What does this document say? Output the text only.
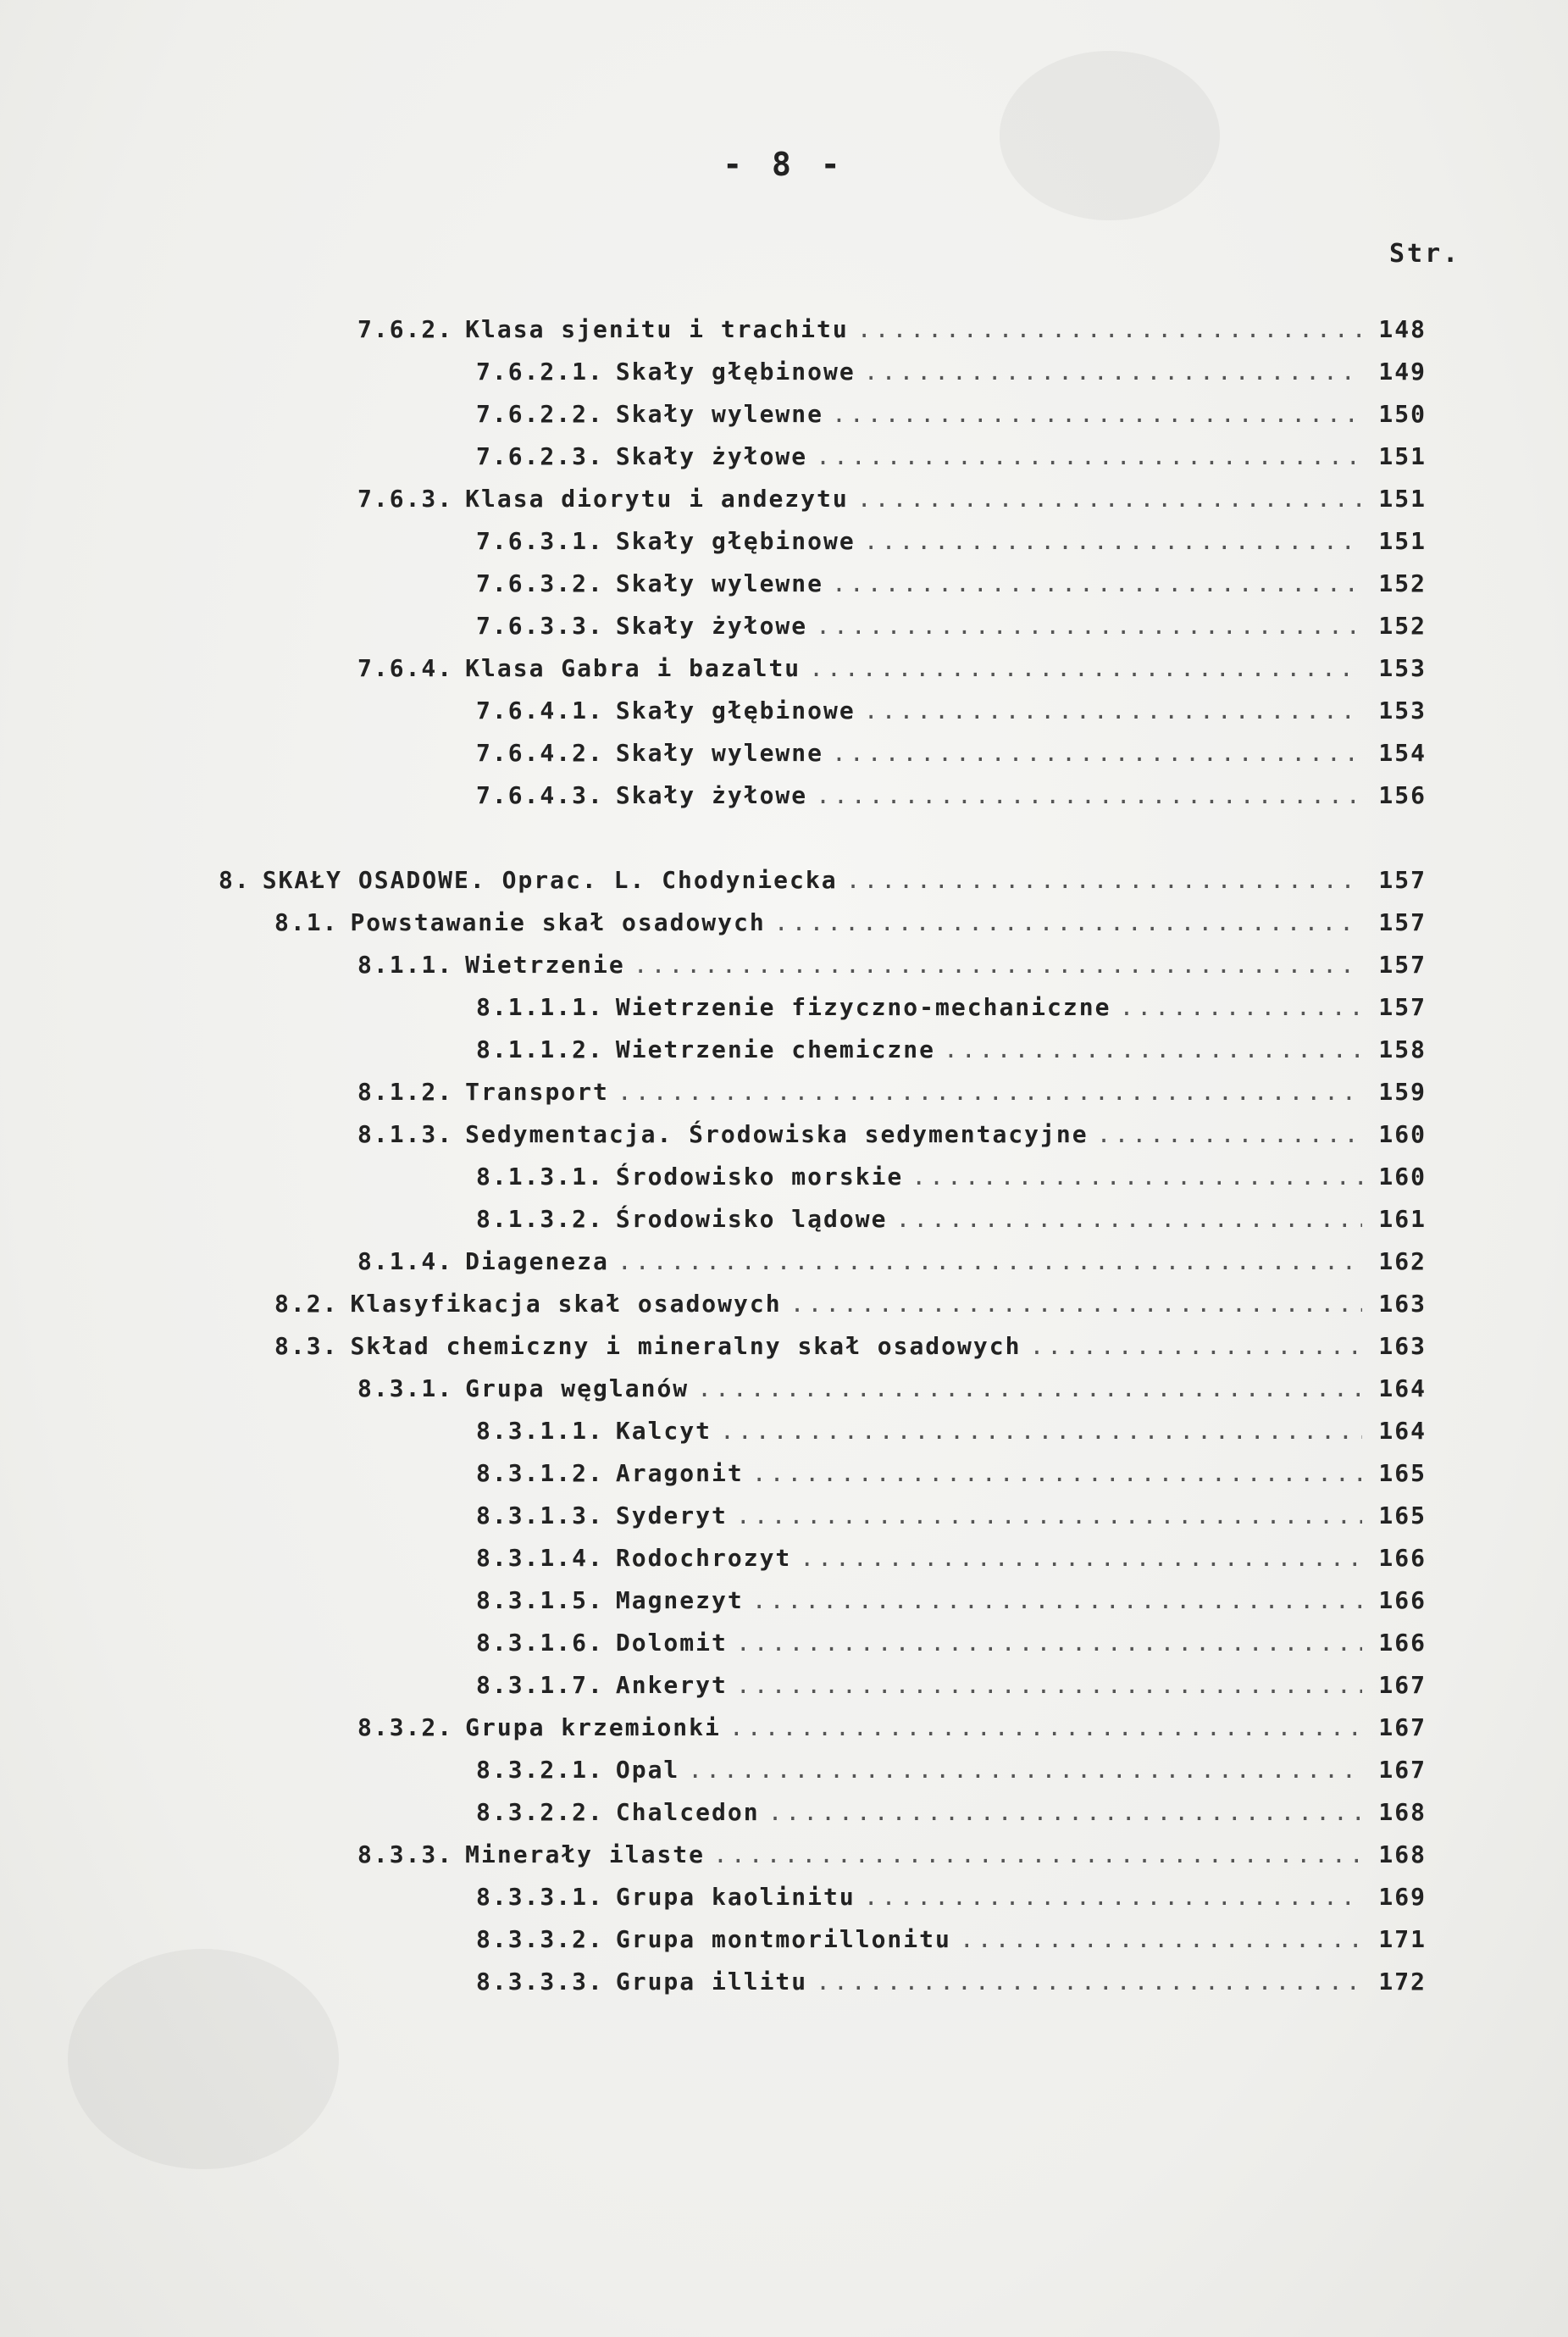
- 8 -
Str.
7.6.2. Klasa sjenitu i trachitu .....	148
7.6.2.1. Skały głębinowe .....	149
7.6.2.2. Skały wylewne .....	150
7.6.2.3. Skały żyłowe .....	151
7.6.3. Klasa diorytu i andezytu .....	151
7.6.3.1. Skały głębinowe .....	151
7.6.3.2. Skały wylewne .....	152
7.6.3.3. Skały żyłowe .....	152
7.6.4. Klasa Gabra i bazaltu .....	153
7.6.4.1. Skały głębinowe .....	153
7.6.4.2. Skały wylewne .....	154
7.6.4.3. Skały żyłowe .....	156
8. SKAŁY OSADOWE. Oprac. L. Chodyniecka .....	157
8.1. Powstawanie skał osadowych .....	157
8.1.1. Wietrzenie .....	157
8.1.1.1. Wietrzenie fizyczno-mechaniczne .....	157
8.1.1.2. Wietrzenie chemiczne .....	158
8.1.2. Transport .....	159
8.1.3. Sedymentacja. Środowiska sedymentacyjne .....	160
8.1.3.1. Środowisko morskie .....	160
8.1.3.2. Środowisko lądowe .....	161
8.1.4. Diageneza .....	162
8.2. Klasyfikacja skał osadowych .....	163
8.3. Skład chemiczny i mineralny skał osadowych .....	163
8.3.1. Grupa węglanów .....	164
8.3.1.1. Kalcyt .....	164
8.3.1.2. Aragonit .....	165
8.3.1.3. Syderyt .....	165
8.3.1.4. Rodochrozyt .....	166
8.3.1.5. Magnezyt .....	166
8.3.1.6. Dolomit .....	166
8.3.1.7. Ankeryt .....	167
8.3.2. Grupa krzemionki .....	167
8.3.2.1. Opal .....	167
8.3.2.2. Chalcedon .....	168
8.3.3. Minerały ilaste .....	168
8.3.3.1. Grupa kaolinitu .....	169
8.3.3.2. Grupa montmorillonitu .....	171
8.3.3.3. Grupa illitu .....	172
